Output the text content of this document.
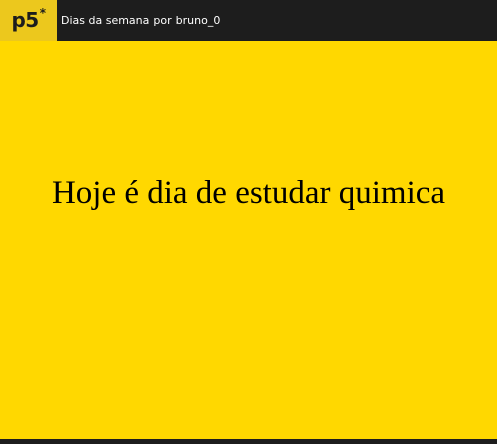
p5*
Dias da semana por bruno_0
Hoje é dia de estudar quimica
